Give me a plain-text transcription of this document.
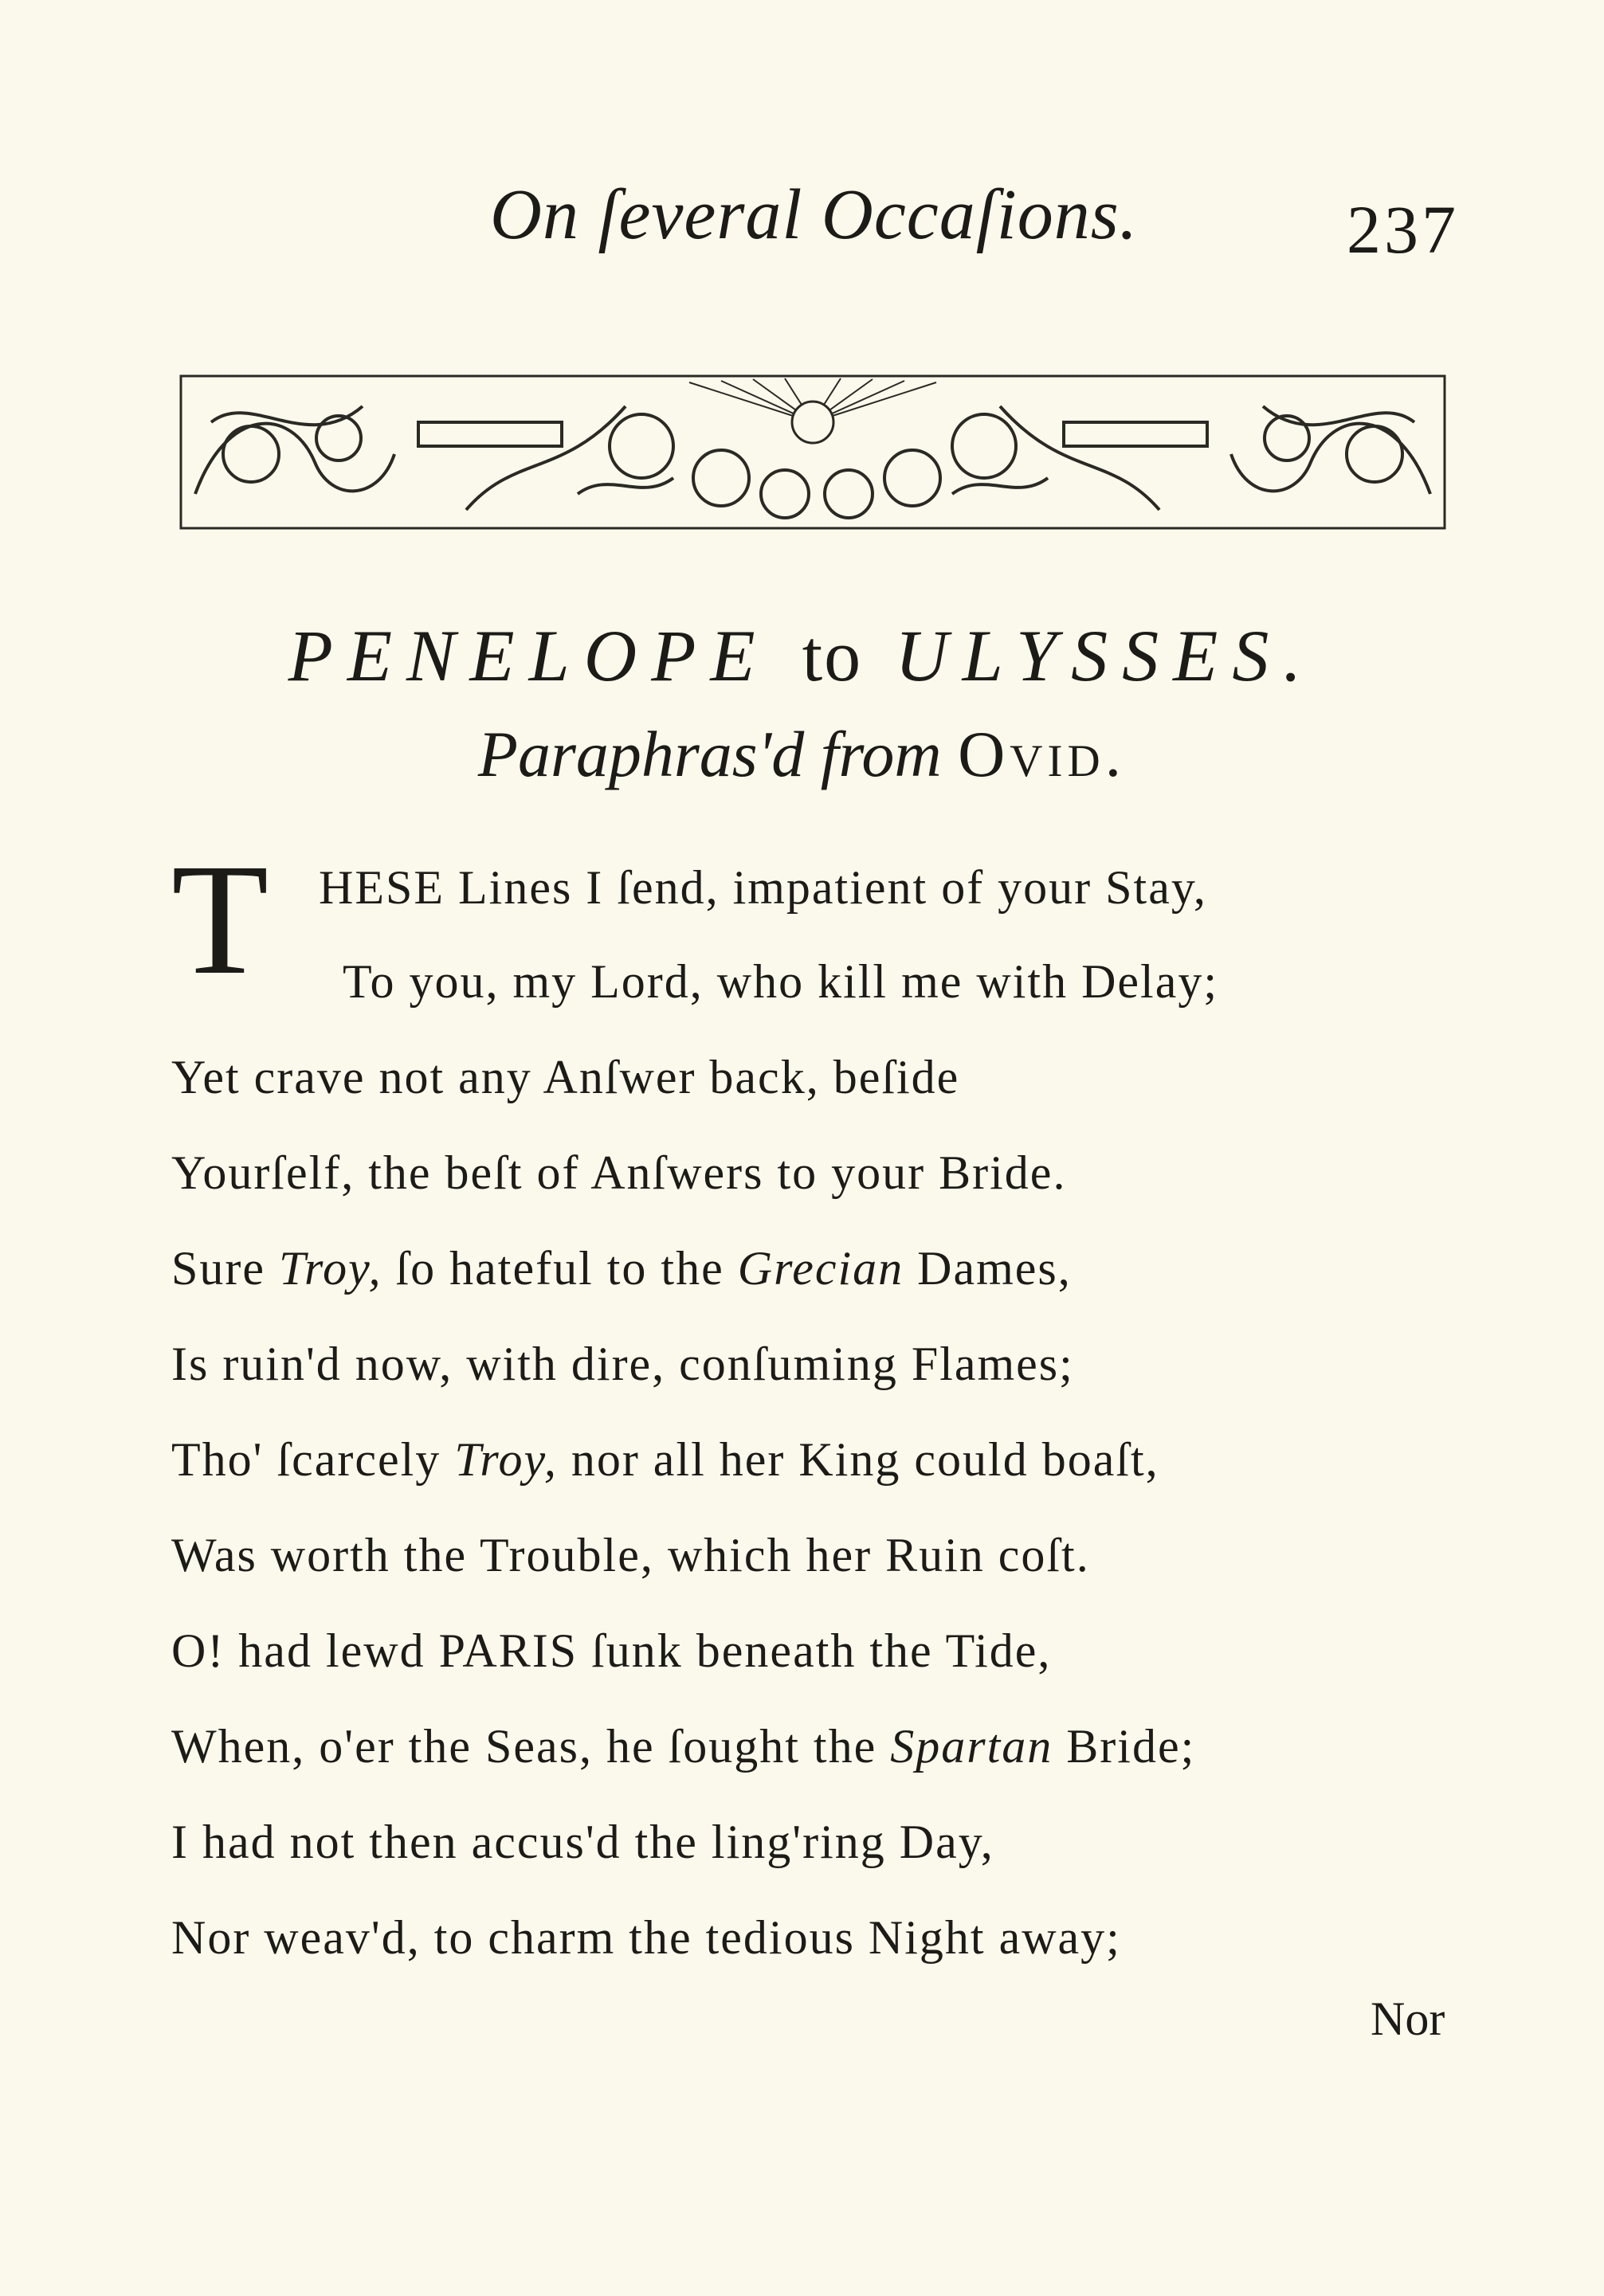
On ſeveral Occaſions.	237
PENELOPE to ULYSSES.
Paraphras'd from Ovid.
T HESE Lines I ſend, impatient of your Stay,
To you, my Lord, who kill me with Delay;
Yet crave not any Anſwer back, beſide
Yourſelf, the beſt of Anſwers to your Bride.
Sure Troy, ſo hateful to the Grecian Dames,
Is ruin'd now, with dire, conſuming Flames;
Tho' ſcarcely Troy, nor all her King could boaſt,
Was worth the Trouble, which her Ruin coſt.
O! had lewd PARIS ſunk beneath the Tide,
When, o'er the Seas, he ſought the Spartan Bride;
I had not then accus'd the ling'ring Day,
Nor weav'd, to charm the tedious Night away;
Nor
